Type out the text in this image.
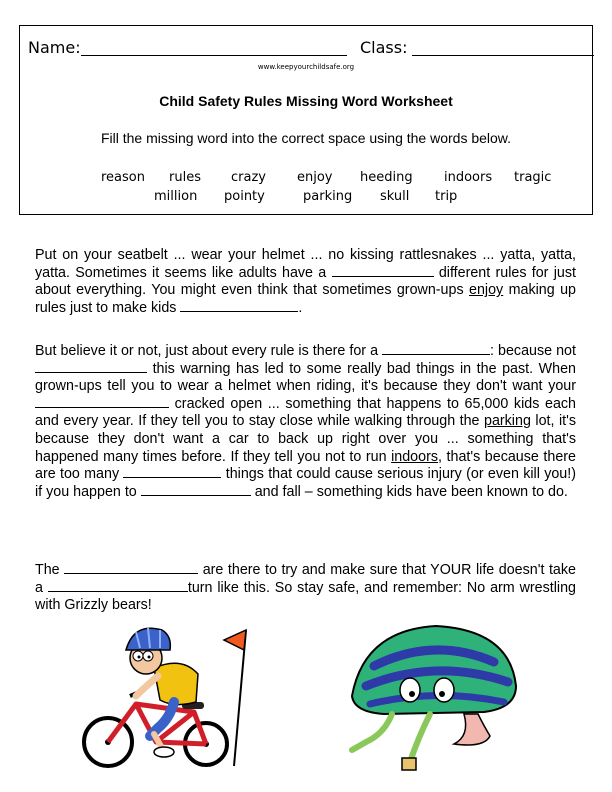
Name:	Class:
www.keepyourchildsafe.org
Child Safety Rules Missing Word Worksheet
Fill the missing word into the correct space using the words below.
reason rules crazy enjoy heeding indoors tragic
million pointy	parking skull trip

Put on your seatbelt ... wear your helmet ... no kissing rattlesnakes ... yatta, yatta, yatta. Sometimes it seems like adults have a	different rules for just about everything. You might even think that sometimes grown-ups enjoy making up rules just to make kids	.

But believe it or not, just about every rule is there for a	: because not  this warning has led to some really bad things in the past. When grown-ups tell you to wear a helmet when riding, it's because they don't want your  cracked open ... something that happens to 65,000 kids each and every year. If they tell you to stay close while walking through the parking lot, it's because they don't want a car to back up right over you ... something that's happened many times before. If they tell you not to run indoors, that's because there are too many	things that could cause serious injury (or even kill you!) if you happen to	and fall – something kids have been known to do.

The	are there to try and make sure that YOUR life doesn't take a	turn like this. So stay safe, and remember: No arm wrestling with Grizzly bears!
